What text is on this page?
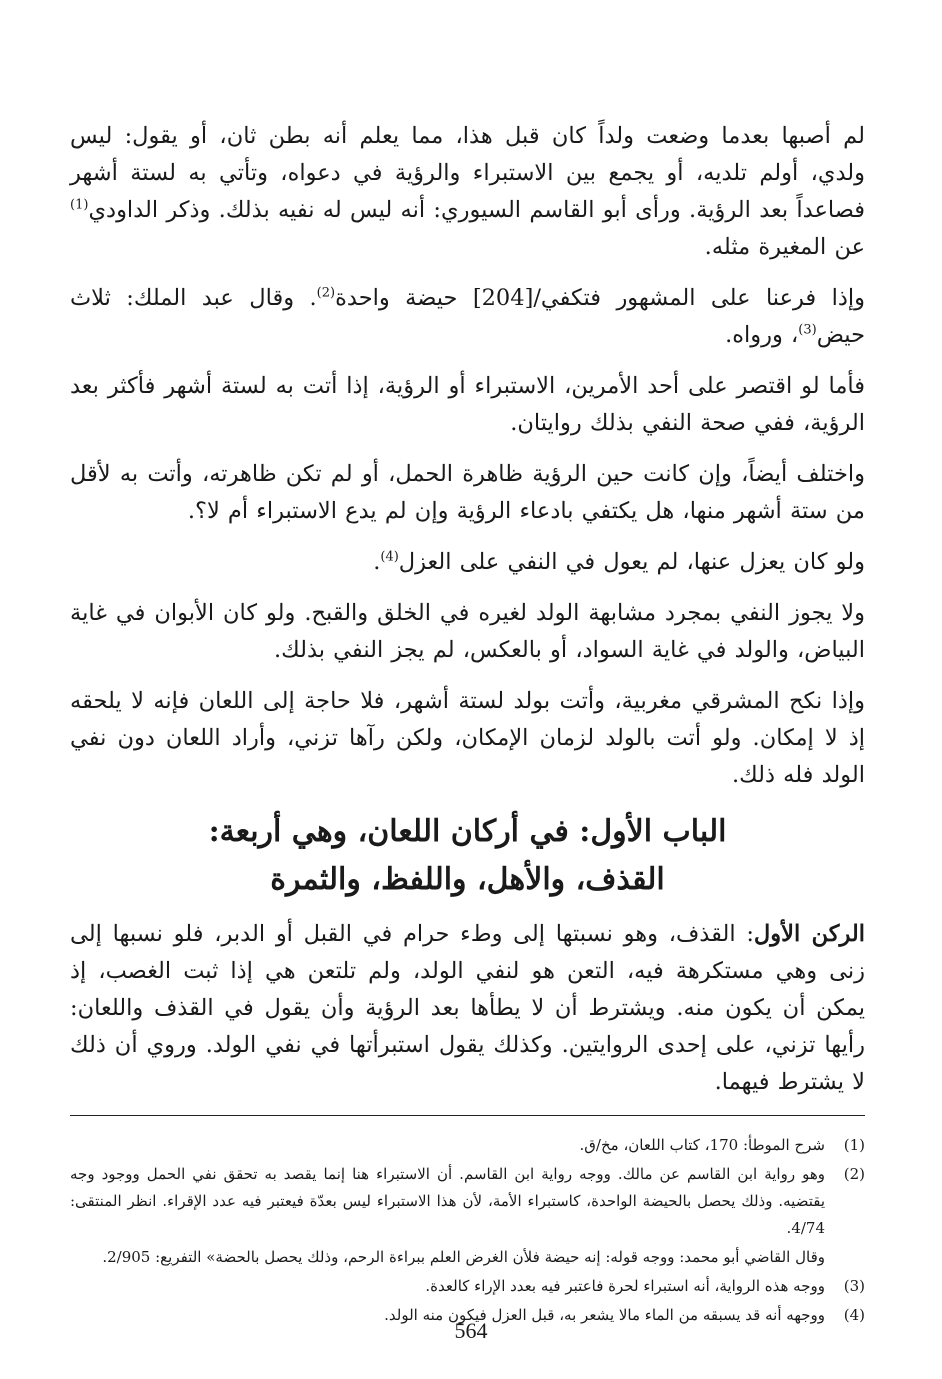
لم أصبها بعدما وضعت ولداً كان قبل هذا، مما يعلم أنه بطن ثان، أو يقول: ليس ولدي، أولم تلديه، أو يجمع بين الاستبراء والرؤية في دعواه، وتأتي به لستة أشهر فصاعداً بعد الرؤية. ورأى أبو القاسم السيوري: أنه ليس له نفيه بذلك. وذكر الداودي$^{(1)}$ عن المغيرة مثله.

وإذا فرعنا على المشهور فتكفي/[204] حيضة واحدة$^{(2)}$. وقال عبد الملك: ثلاث حيض$^{(3)}$، ورواه.

فأما لو اقتصر على أحد الأمرين، الاستبراء أو الرؤية، إذا أتت به لستة أشهر فأكثر بعد الرؤية، ففي صحة النفي بذلك روايتان.

واختلف أيضاً، وإن كانت حين الرؤية ظاهرة الحمل، أو لم تكن ظاهرته، وأتت به لأقل من ستة أشهر منها، هل يكتفي بادعاء الرؤية وإن لم يدع الاستبراء أم لا؟.

ولو كان يعزل عنها، لم يعول في النفي على العزل$^{(4)}$.

ولا يجوز النفي بمجرد مشابهة الولد لغيره في الخلق والقبح. ولو كان الأبوان في غاية البياض، والولد في غاية السواد، أو بالعكس، لم يجز النفي بذلك.

وإذا نكح المشرقي مغربية، وأتت بولد لستة أشهر، فلا حاجة إلى اللعان فإنه لا يلحقه إذ لا إمكان. ولو أتت بالولد لزمان الإمكان، ولكن رآها تزني، وأراد اللعان دون نفي الولد فله ذلك.

الباب الأول: في أركان اللعان، وهي أربعة:
القذف، والأهل، واللفظ، والثمرة

الركن الأول: القذف، وهو نسبتها إلى وطء حرام في القبل أو الدبر، فلو نسبها إلى زنى وهي مستكرهة فيه، التعن هو لنفي الولد، ولم تلتعن هي إذا ثبت الغصب، إذ يمكن أن يكون منه. ويشترط أن لا يطأها بعد الرؤية وأن يقول في القذف واللعان: رأيها تزني، على إحدى الروايتين. وكذلك يقول استبرأتها في نفي الولد. وروي أن ذلك لا يشترط فيهما.

(1)
شرح الموطأ: 170، كتاب اللعان، مخ/ق.
(2)
وهو رواية ابن القاسم عن مالك. ووجه رواية ابن القاسم. أن الاستبراء هنا إنما يقصد به تحقق نفي الحمل ووجود وجه يقتضيه. وذلك يحصل بالحيضة الواحدة، كاستبراء الأمة، لأن هذا الاستبراء ليس بعدّة فيعتبر فيه عدد الإقراء. انظر المنتقى: 4/74.
وقال القاضي أبو محمد: ووجه قوله: إنه حيضة فلأن الغرض العلم ببراءة الرحم، وذلك يحصل بالحضة» التفريع: 2/905.
(3)
ووجه هذه الرواية، أنه استبراء لحرة فاعتبر فيه بعدد الإراء كالعدة.
(4)
ووجهه أنه قد يسبقه من الماء مالا يشعر به، قبل العزل فيكون منه الولد.
564
